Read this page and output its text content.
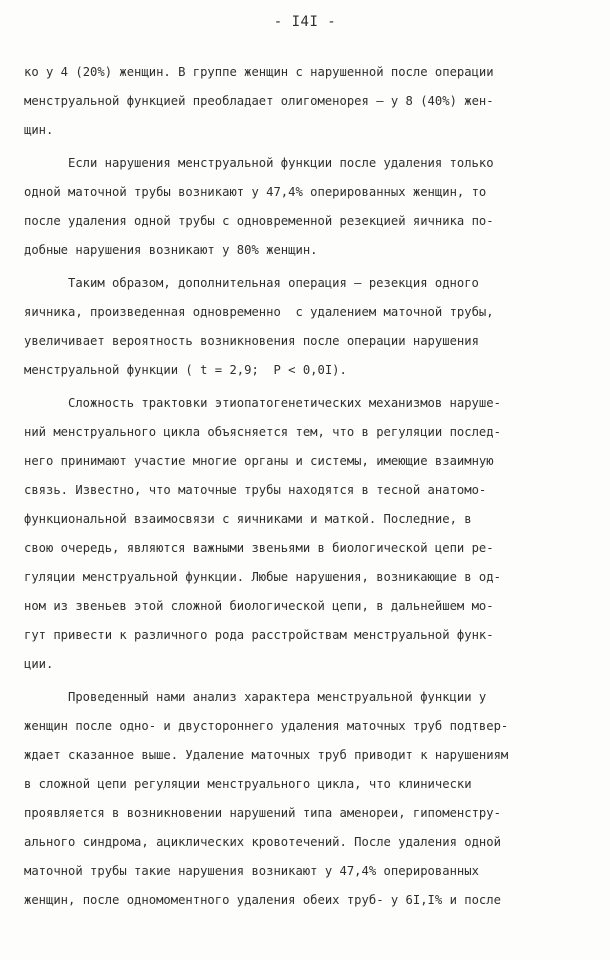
- I4I -
ко у 4 (20%) женщин. В группе женщин с нарушенной после операции
менструальной функцией преобладает олигоменорея – у 8 (40%) жен-
щин.
Если нарушения менструальной функции после удаления только
одной маточной трубы возникают у 47,4% оперированных женщин, то
после удаления одной трубы с одновременной резекцией яичника по-
добные нарушения возникают у 80% женщин.
Таким образом, дополнительная операция – резекция одного
яичника, произведенная одновременно  с удалением маточной трубы,
увеличивает вероятность возникновения после операции нарушения
менструальной функции ( t = 2,9;  P < 0,0I).
Сложность трактовки этиопатогенетических механизмов наруше-
ний менструального цикла объясняется тем, что в регуляции послед-
него принимают участие многие органы и системы, имеющие взаимную
связь. Известно, что маточные трубы находятся в тесной анатомо-
функциональной взаимосвязи с яичниками и маткой. Последние, в
свою очередь, являются важными звеньями в биологической цепи ре-
гуляции менструальной функции. Любые нарушения, возникающие в од-
ном из звеньев этой сложной биологической цепи, в дальнейшем мо-
гут привести к различного рода расстройствам менструальной функ-
ции.
Проведенный нами анализ характера менструальной функции у
женщин после одно- и двустороннего удаления маточных труб подтвер-
ждает сказанное выше. Удаление маточных труб приводит к нарушениям
в сложной цепи регуляции менструального цикла, что клинически
проявляется в возникновении нарушений типа аменореи, гипоменстру-
ального синдрома, ациклических кровотечений. После удаления одной
маточной трубы такие нарушения возникают у 47,4% оперированных
женщин, после одномоментного удаления обеих труб- у 6I,I% и после
